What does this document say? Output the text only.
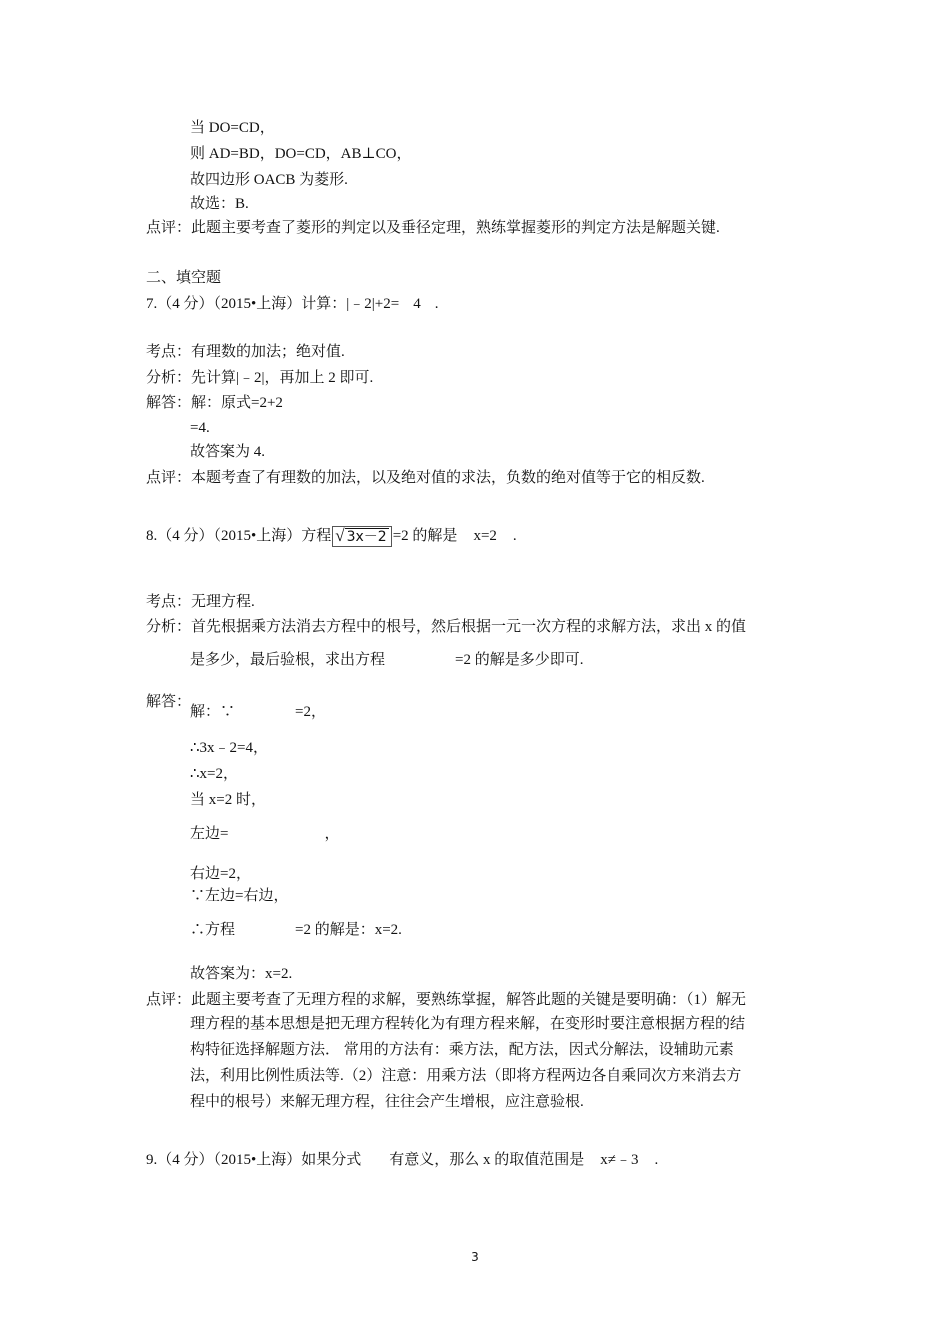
当 DO=CD，
则 AD=BD，DO=CD，AB⊥CO，
故四边形 OACB 为菱形.
故选：B.
点评：此题主要考查了菱形的判定以及垂径定理，熟练掌握菱形的判定方法是解题关键.
二、填空题
7.（4 分）（2015•上海）计算：|﹣2|+2= 4 .
考点：有理数的加法；绝对值.
分析：先计算|﹣2|，再加上 2 即可.
解答：解：原式=2+2
=4.
故答案为 4.
点评：本题考查了有理数的加法，以及绝对值的求法，负数的绝对值等于它的相反数.
8.（4 分）（2015•上海）方程 √ 3x－2 =2 的解是 x=2 .
考点：无理方程.
分析：首先根据乘方法消去方程中的根号，然后根据一元一次方程的求解方法，求出 x 的值
是多少，最后验根，求出方程	=2 的解是多少即可.
解答：
解：∵	=2，
∴3x﹣2=4，
∴x=2，
当 x=2 时，
左边=	，
右边=2，
∵左边=右边，
∴方程	=2 的解是：x=2.
故答案为：x=2.
点评：此题主要考查了无理方程的求解，要熟练掌握，解答此题的关键是要明确：（1）解无
理方程的基本思想是把无理方程转化为有理方程来解，在变形时要注意根据方程的结
构特征选择解题方法． 常用的方法有：乘方法，配方法，因式分解法，设辅助元素
法，利用比例性质法等.（2）注意：用乘方法（即将方程两边各自乘同次方来消去方
程中的根号）来解无理方程，往往会产生增根，应注意验根.
9.（4 分）（2015•上海）如果分式 有意义，那么 x 的取值范围是 x≠﹣3 .
3
